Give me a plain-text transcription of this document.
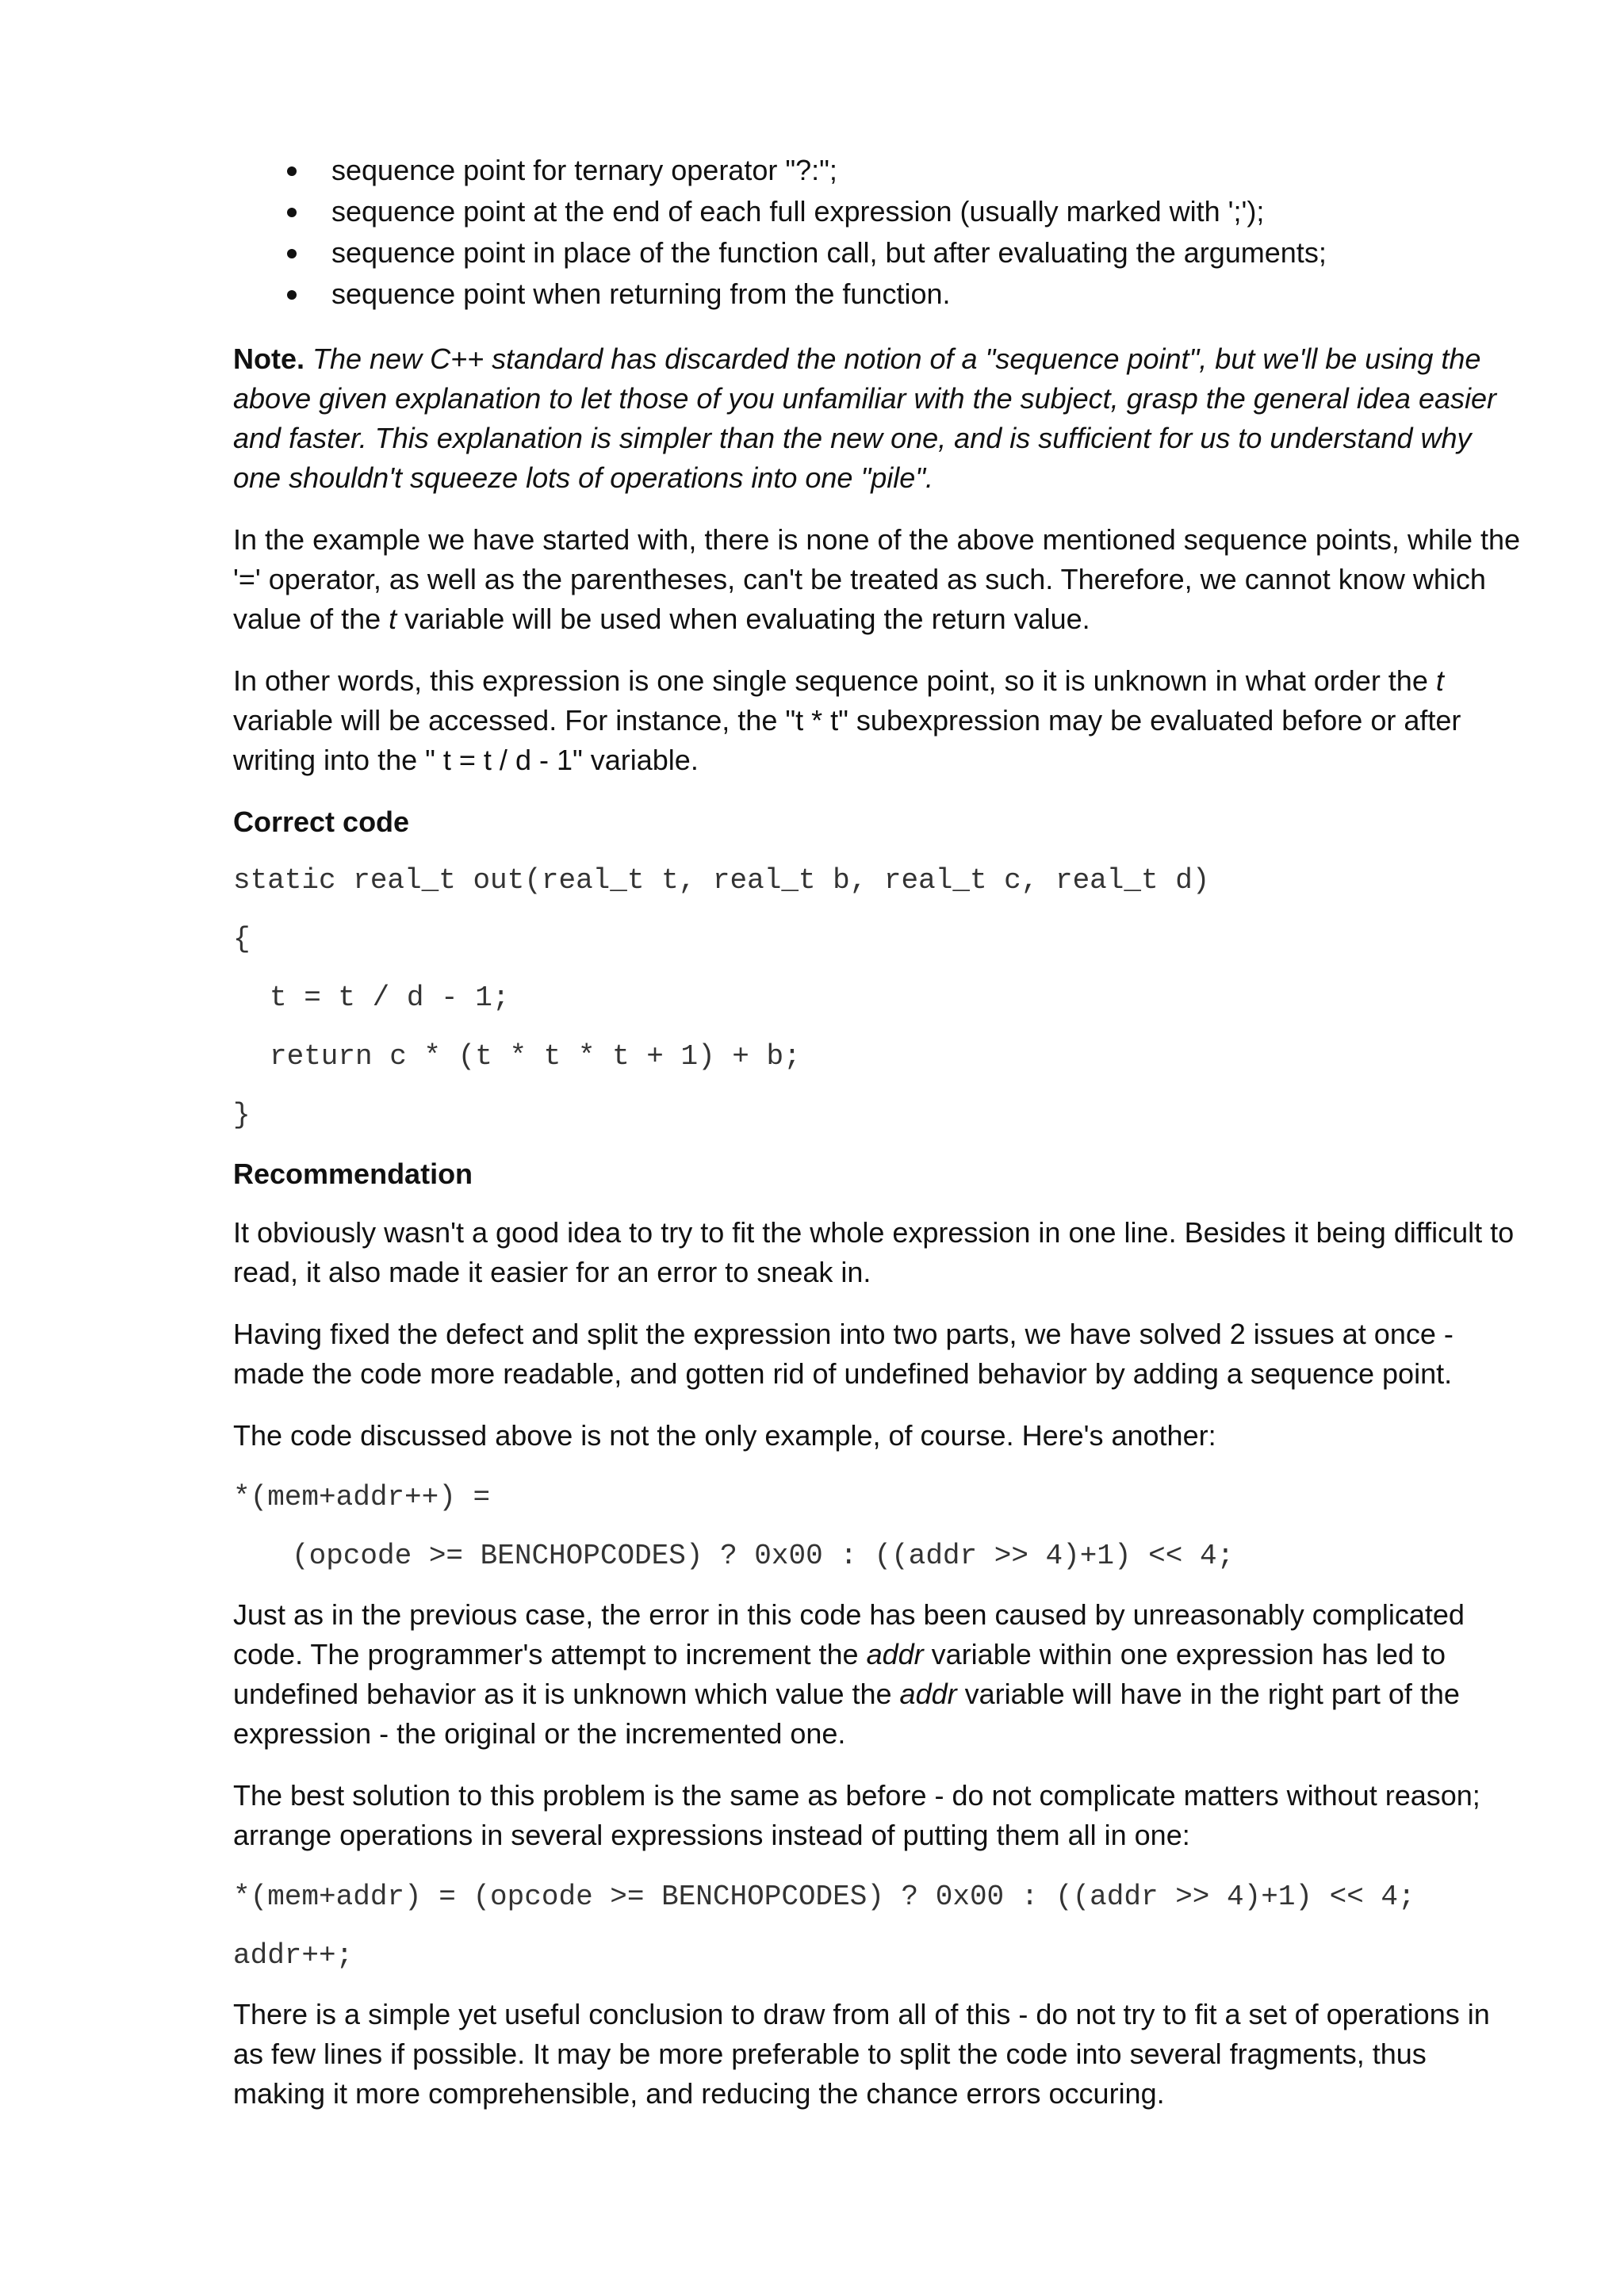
sequence point for ternary operator "?:";
sequence point at the end of each full expression (usually marked with ';');
sequence point in place of the function call, but after evaluating the arguments;
sequence point when returning from the function.

Note. The new C++ standard has discarded the notion of a "sequence point", but we'll be using the above given explanation to let those of you unfamiliar with the subject, grasp the general idea easier and faster. This explanation is simpler than the new one, and is sufficient for us to understand why one shouldn't squeeze lots of operations into one "pile".

In the example we have started with, there is none of the above mentioned sequence points, while the '=' operator, as well as the parentheses, can't be treated as such. Therefore, we cannot know which value of the t variable will be used when evaluating the return value.

In other words, this expression is one single sequence point, so it is unknown in what order the t variable will be accessed. For instance, the "t * t" subexpression may be evaluated before or after writing into the " t = t / d - 1" variable.

Correct code

static real_t out(real_t t, real_t b, real_t c, real_t d)
{
t = t / d - 1;
return c * (t * t * t + 1) + b;
}

Recommendation

It obviously wasn't a good idea to try to fit the whole expression in one line. Besides it being difficult to read, it also made it easier for an error to sneak in.

Having fixed the defect and split the expression into two parts, we have solved 2 issues at once - made the code more readable, and gotten rid of undefined behavior by adding a sequence point.

The code discussed above is not the only example, of course. Here's another:

*(mem+addr++) =
(opcode >= BENCHOPCODES) ? 0x00 : ((addr >> 4)+1) << 4;

Just as in the previous case, the error in this code has been caused by unreasonably complicated code. The programmer's attempt to increment the addr variable within one expression has led to undefined behavior as it is unknown which value the addr variable will have in the right part of the expression - the original or the incremented one.

The best solution to this problem is the same as before - do not complicate matters without reason; arrange operations in several expressions instead of putting them all in one:

*(mem+addr) = (opcode >= BENCHOPCODES) ? 0x00 : ((addr >> 4)+1) << 4;
addr++;

There is a simple yet useful conclusion to draw from all of this - do not try to fit a set of operations in as few lines if possible. It may be more preferable to split the code into several fragments, thus making it more comprehensible, and reducing the chance errors occuring.
